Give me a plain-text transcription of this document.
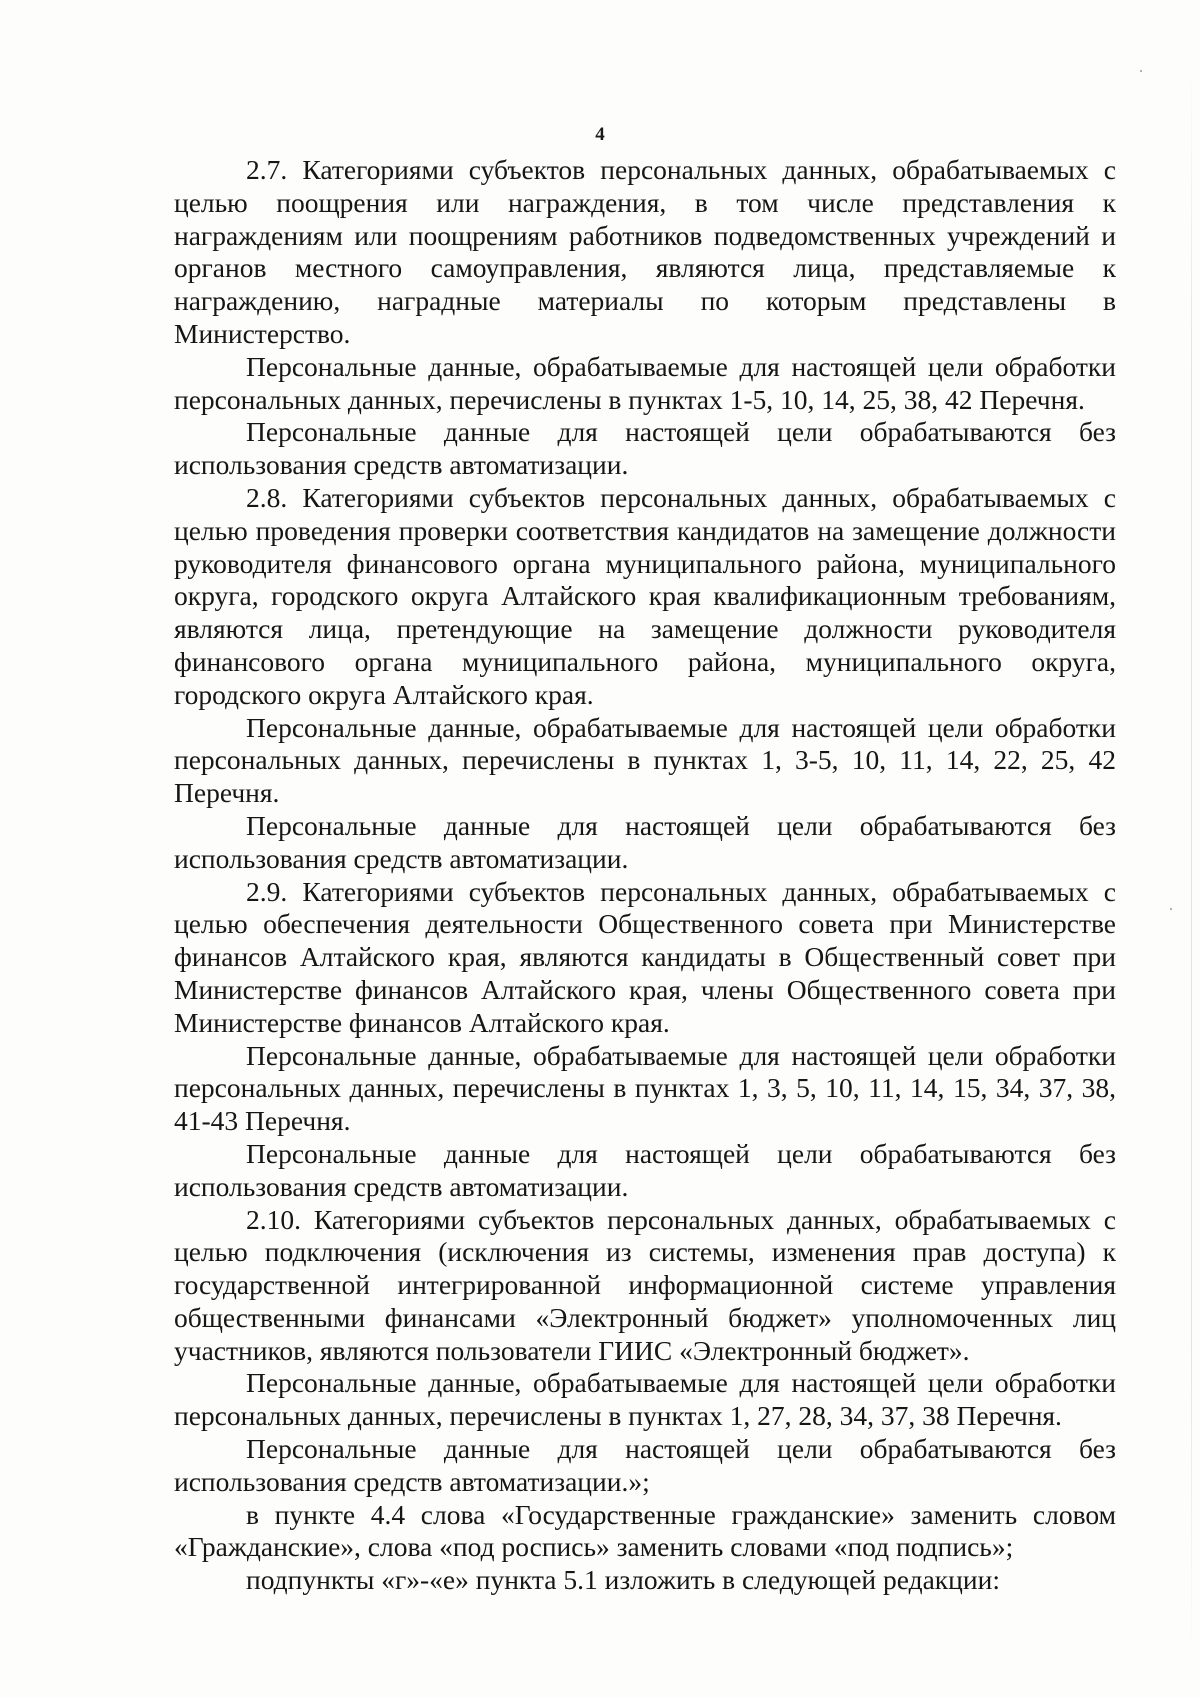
4

2.7. Категориями субъектов персональных данных, обрабатываемых с целью поощрения или награждения, в том числе представления к награждениям или поощрениям работников подведомственных учреждений и органов местного самоуправления, являются лица, представляемые к награждению, наградные материалы по которым представлены в Министерство.

Персональные данные, обрабатываемые для настоящей цели обработки персональных данных, перечислены в пунктах 1-5, 10, 14, 25, 38, 42 Перечня.

Персональные данные для настоящей цели обрабатываются без использования средств автоматизации.

2.8. Категориями субъектов персональных данных, обрабатываемых с целью проведения проверки соответствия кандидатов на замещение должности руководителя финансового органа муниципального района, муниципального округа, городского округа Алтайского края квалификационным требованиям, являются лица, претендующие на замещение должности руководителя финансового органа муниципального района, муниципального округа, городского округа Алтайского края.

Персональные данные, обрабатываемые для настоящей цели обработки персональных данных, перечислены в пунктах 1, 3-5, 10, 11, 14, 22, 25, 42 Перечня.

Персональные данные для настоящей цели обрабатываются без использования средств автоматизации.

2.9. Категориями субъектов персональных данных, обрабатываемых с целью обеспечения деятельности Общественного совета при Министерстве финансов Алтайского края, являются кандидаты в Общественный совет при Министерстве финансов Алтайского края, члены Общественного совета при Министерстве финансов Алтайского края.

Персональные данные, обрабатываемые для настоящей цели обработки персональных данных, перечислены в пунктах 1, 3, 5, 10, 11, 14, 15, 34, 37, 38, 41-43 Перечня.

Персональные данные для настоящей цели обрабатываются без использования средств автоматизации.

2.10. Категориями субъектов персональных данных, обрабатываемых с целью подключения (исключения из системы, изменения прав доступа) к государственной интегрированной информационной системе управления общественными финансами «Электронный бюджет» уполномоченных лиц участников, являются пользователи ГИИС «Электронный бюджет».

Персональные данные, обрабатываемые для настоящей цели обработки персональных данных, перечислены в пунктах 1, 27, 28, 34, 37, 38 Перечня.

Персональные данные для настоящей цели обрабатываются без использования средств автоматизации.»;

в пункте 4.4 слова «Государственные гражданские» заменить словом «Гражданские», слова «под роспись» заменить словами «под подпись»;

подпункты «г»-«е» пункта 5.1 изложить в следующей редакции:
